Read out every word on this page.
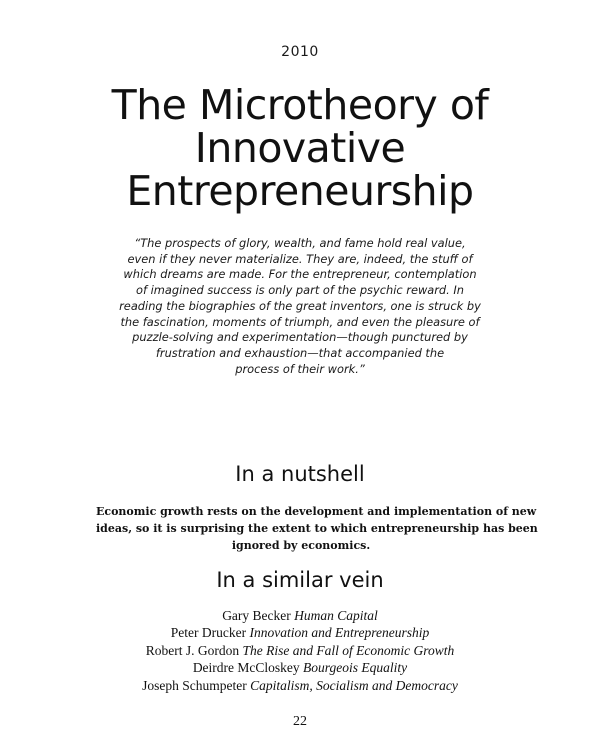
2010
The Microtheory of
Innovative
Entrepreneurship
“The prospects of glory, wealth, and fame hold real value,
even if they never materialize. They are, indeed, the stuff of
which dreams are made. For the entrepreneur, contemplation
of imagined success is only part of the psychic reward. In
reading the biographies of the great inventors, one is struck by
the fascination, moments of triumph, and even the pleasure of
puzzle-solving and experimentation—though punctured by
frustration and exhaustion—that accompanied the
process of their work.”
In a nutshell

Economic growth rests on the development and implementation of new
ideas, so it is surprising the extent to which entrepreneurship has been
ignored by economics.

In a similar vein
Gary Becker Human Capital
Peter Drucker Innovation and Entrepreneurship
Robert J. Gordon The Rise and Fall of Economic Growth
Deirdre McCloskey Bourgeois Equality
Joseph Schumpeter Capitalism, Socialism and Democracy
22
